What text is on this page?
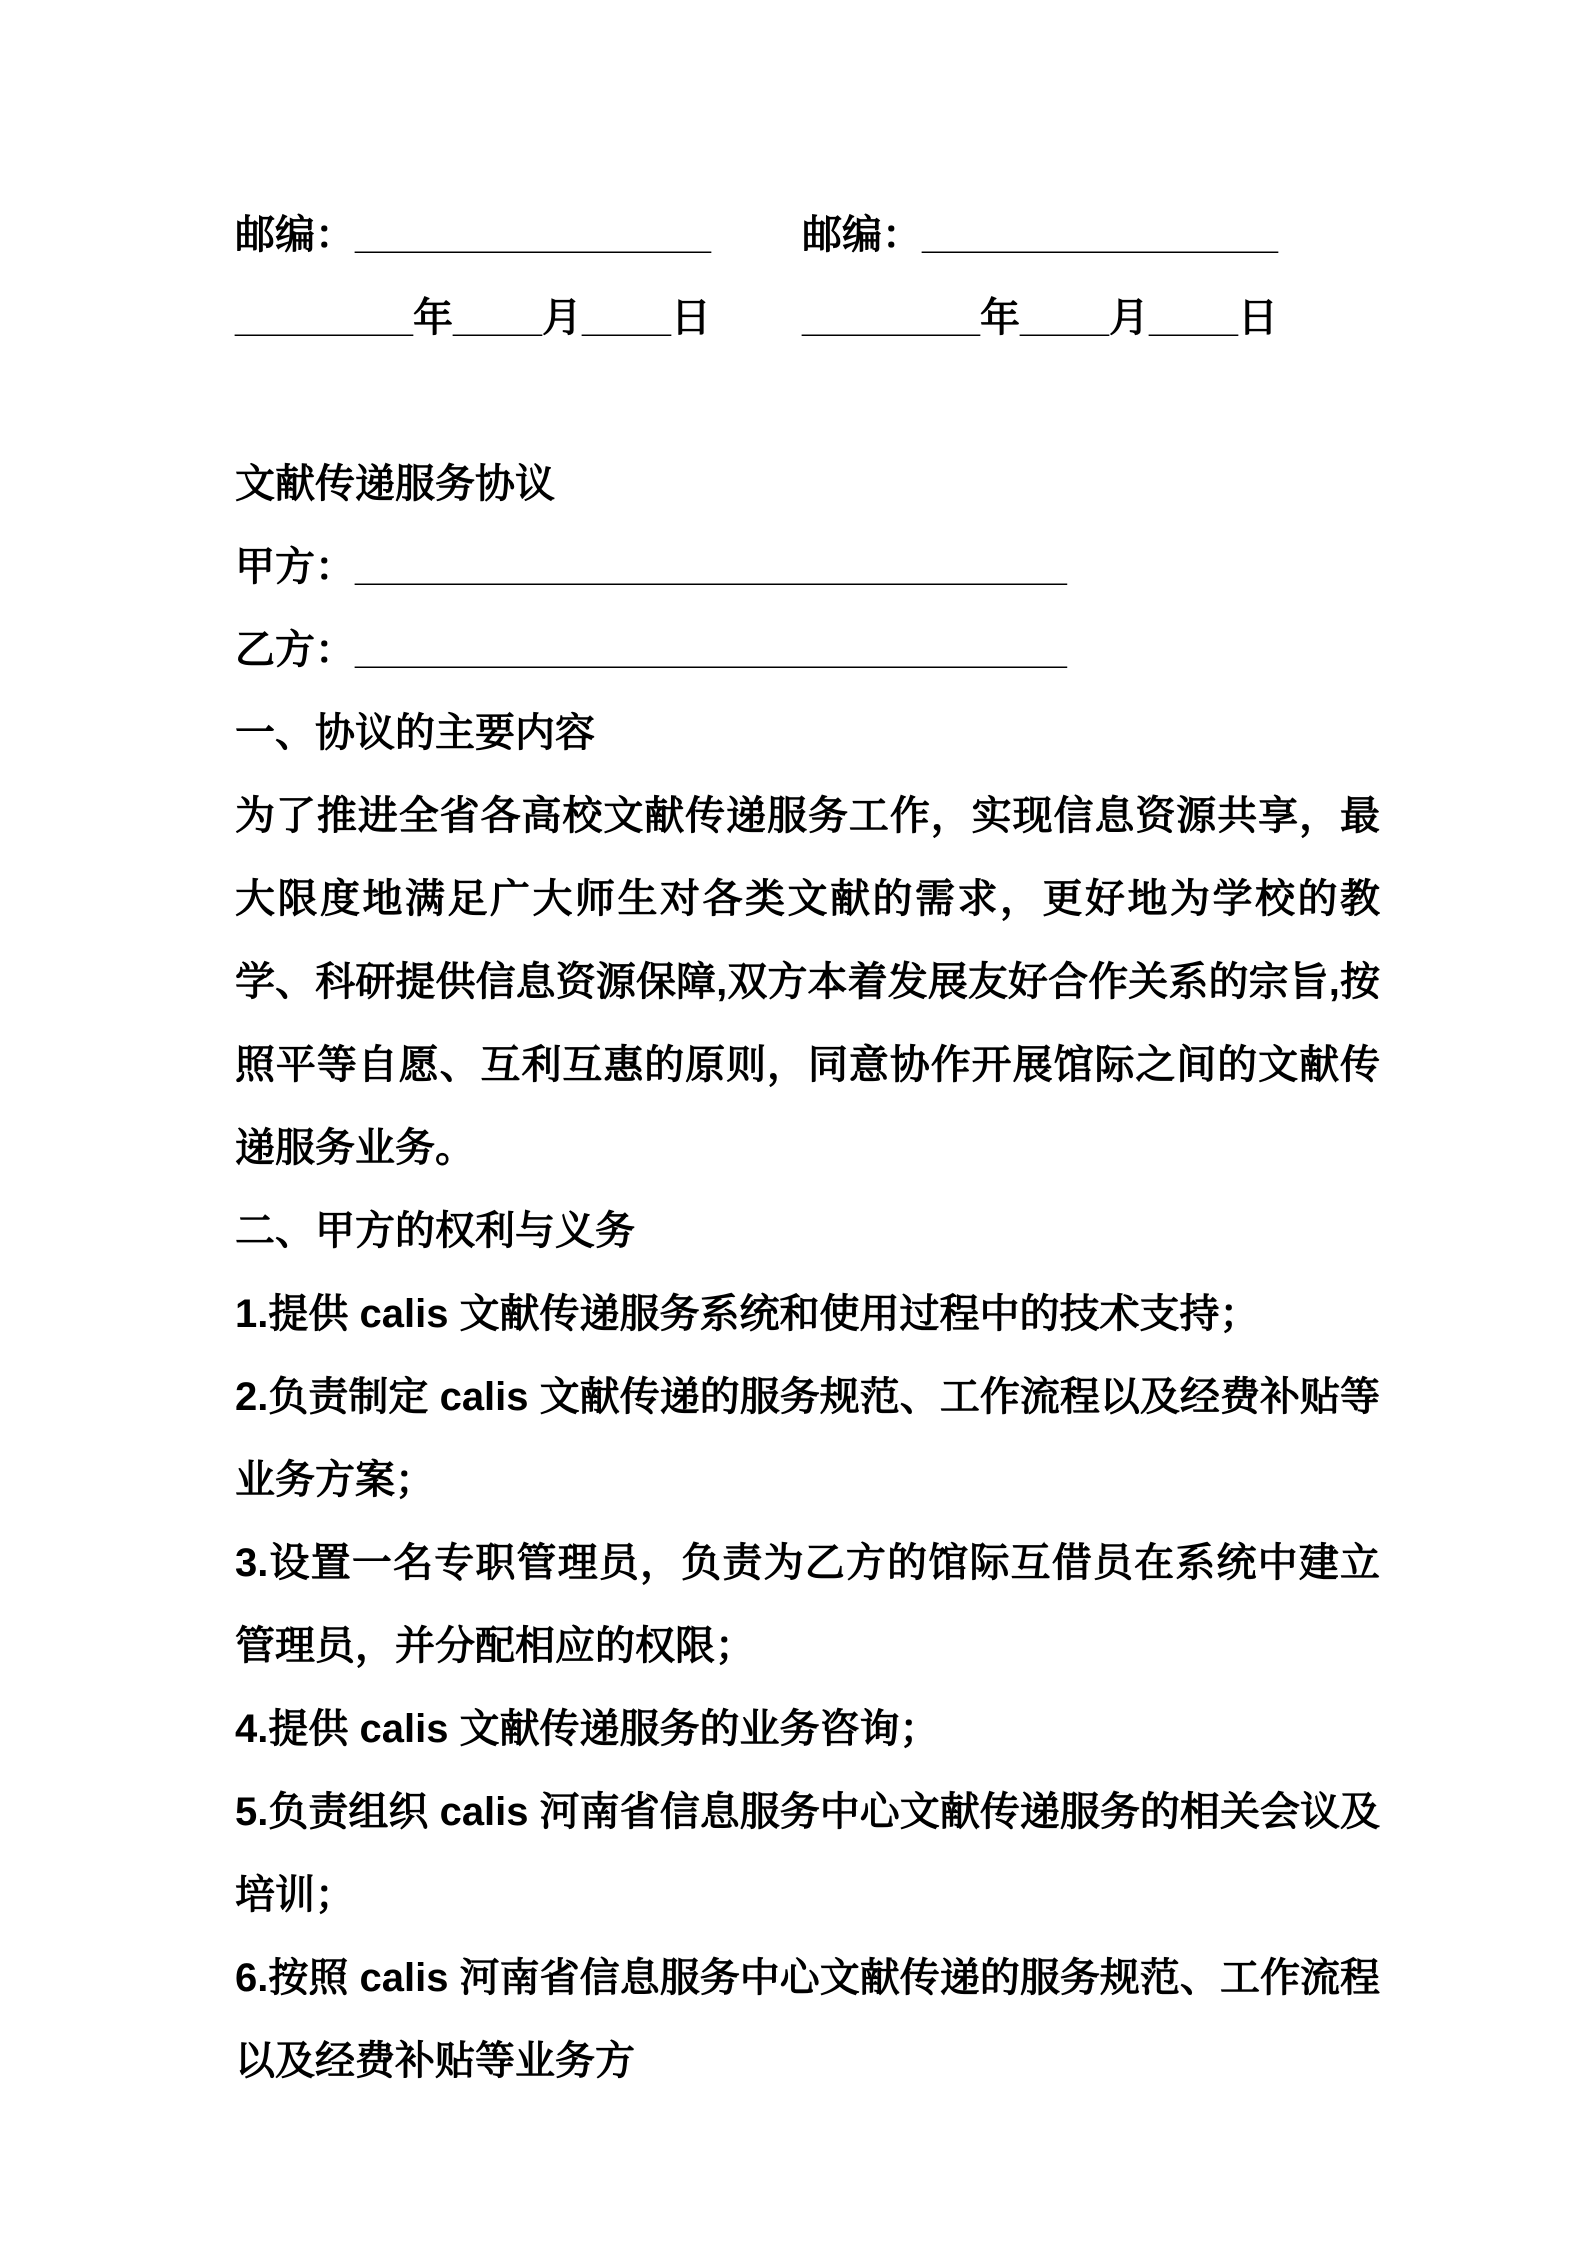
邮编：________________
________年____月____日
邮编：________________
________年____月____日
文献传递服务协议
甲方：________________________________
乙方：________________________________
一、协议的主要内容

为了推进全省各高校文献传递服务工作，实现信息资源共享，最大限度地满足广大师生对各类文献的需求，更好地为学校的教学、科研提供信息资源保障,双方本着发展友好合作关系的宗旨,按照平等自愿、互利互惠的原则，同意协作开展馆际之间的文献传递服务业务。

二、甲方的权利与义务

1.提供 calis 文献传递服务系统和使用过程中的技术支持；

2.负责制定 calis 文献传递的服务规范、工作流程以及经费补贴等业务方案；

3.设置一名专职管理员，负责为乙方的馆际互借员在系统中建立管理员，并分配相应的权限；

4.提供 calis 文献传递服务的业务咨询；

5.负责组织 calis 河南省信息服务中心文献传递服务的相关会议及培训；

6.按照 calis 河南省信息服务中心文献传递的服务规范、工作流程以及经费补贴等业务方
